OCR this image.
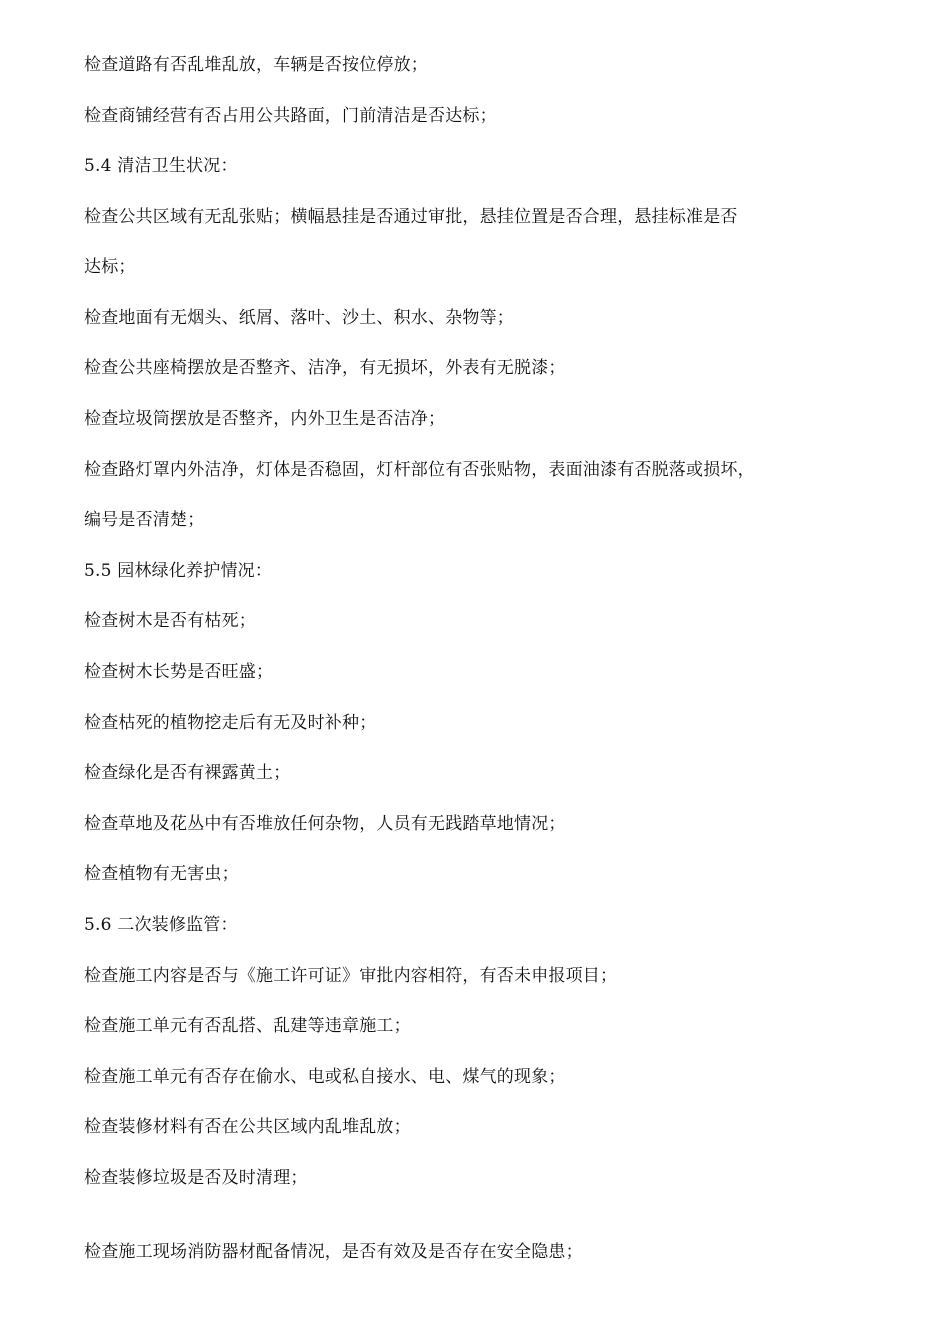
检查道路有否乱堆乱放，车辆是否按位停放；
检查商铺经营有否占用公共路面，门前清洁是否达标；
5.4 清洁卫生状况：
检查公共区域有无乱张贴；横幅悬挂是否通过审批，悬挂位置是否合理，悬挂标准是否
达标；
检查地面有无烟头、纸屑、落叶、沙土、积水、杂物等；
检查公共座椅摆放是否整齐、洁净，有无损坏，外表有无脱漆；
检查垃圾筒摆放是否整齐，内外卫生是否洁净；
检查路灯罩内外洁净，灯体是否稳固，灯杆部位有否张贴物，表面油漆有否脱落或损坏，
编号是否清楚；
5.5 园林绿化养护情况：
检查树木是否有枯死；
检查树木长势是否旺盛；
检查枯死的植物挖走后有无及时补种；
检查绿化是否有裸露黄土；
检查草地及花丛中有否堆放任何杂物，人员有无践踏草地情况；
检查植物有无害虫；
5.6 二次装修监管：
检查施工内容是否与《施工许可证》审批内容相符，有否未申报项目；
检查施工单元有否乱搭、乱建等违章施工；
检查施工单元有否存在偷水、电或私自接水、电、煤气的现象；
检查装修材料有否在公共区域内乱堆乱放；
检查装修垃圾是否及时清理；
检查施工现场消防器材配备情况，是否有效及是否存在安全隐患；
